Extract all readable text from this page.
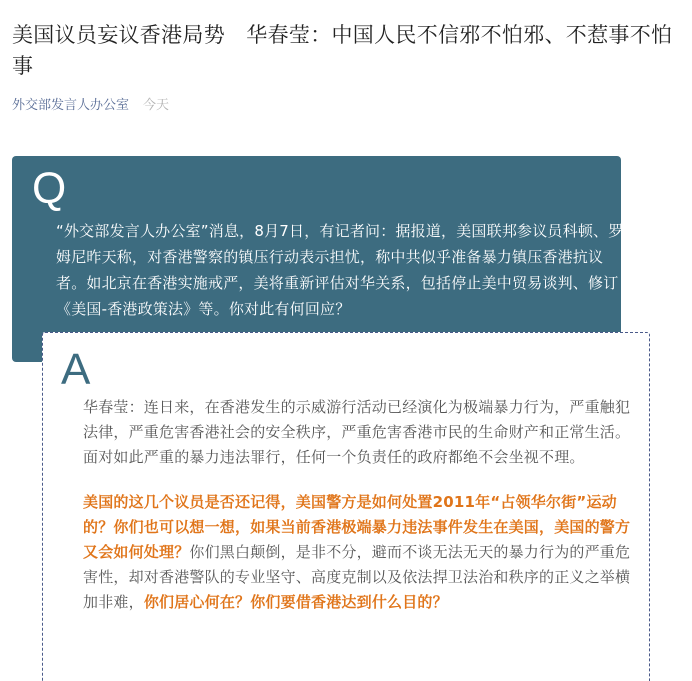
美国议员妄议香港局势　华春莹：中国人民不信邪不怕邪、不惹事不怕事
外交部发言人办公室 今天
Q
“外交部发言人办公室”消息，8月7日，有记者问：据报道，美国联邦参议员科顿、罗姆尼昨天称，对香港警察的镇压行动表示担忧，称中共似乎准备暴力镇压香港抗议者。如北京在香港实施戒严，美将重新评估对华关系，包括停止美中贸易谈判、修订《美国-香港政策法》等。你对此有何回应？
A

华春莹：连日来，在香港发生的示威游行活动已经演化为极端暴力行为，严重触犯法律，严重危害香港社会的安全秩序，严重危害香港市民的生命财产和正常生活。面对如此严重的暴力违法罪行，任何一个负责任的政府都绝不会坐视不理。

美国的这几个议员是否还记得，美国警方是如何处置2011年“占领华尔街”运动的？你们也可以想一想，如果当前香港极端暴力违法事件发生在美国，美国的警方又会如何处理？你们黑白颠倒，是非不分，避而不谈无法无天的暴力行为的严重危害性，却对香港警队的专业坚守、高度克制以及依法捍卫法治和秩序的正义之举横加非难，你们居心何在？你们要借香港达到什么目的？
